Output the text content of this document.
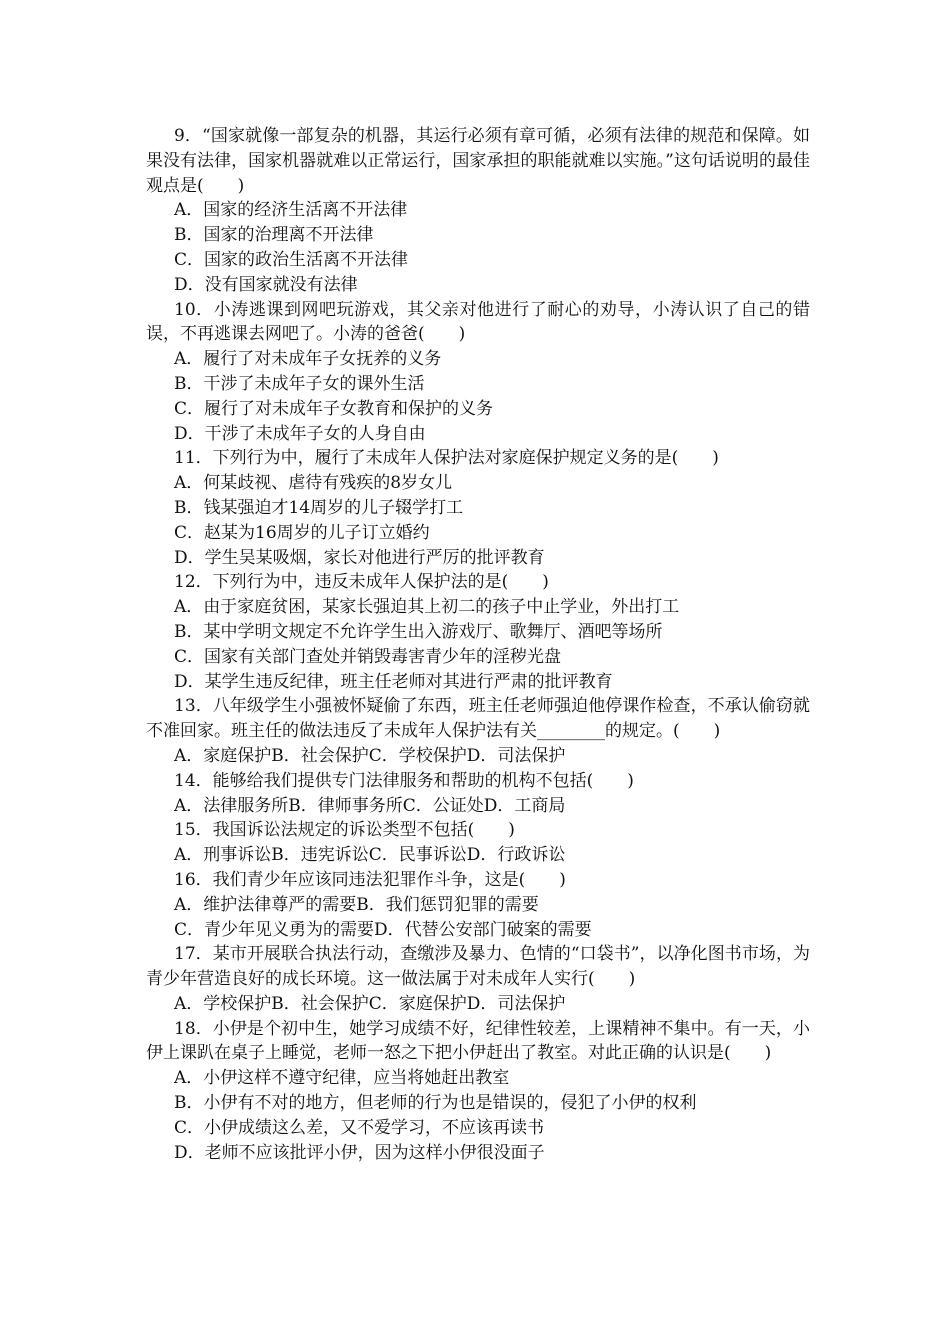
9．“国家就像一部复杂的机器，其运行必须有章可循，必须有法律的规范和保障。如果没有法律，国家机器就难以正常运行，国家承担的职能就难以实施。”这句话说明的最佳观点是(　　)

A．国家的经济生活离不开法律

B．国家的治理离不开法律

C．国家的政治生活离不开法律

D．没有国家就没有法律

10．小涛逃课到网吧玩游戏，其父亲对他进行了耐心的劝导，小涛认识了自己的错误，不再逃课去网吧了。小涛的爸爸(　　)

A．履行了对未成年子女抚养的义务

B．干涉了未成年子女的课外生活

C．履行了对未成年子女教育和保护的义务

D．干涉了未成年子女的人身自由

11．下列行为中，履行了未成年人保护法对家庭保护规定义务的是(　　)

A．何某歧视、虐待有残疾的8岁女儿

B．钱某强迫才14周岁的儿子辍学打工

C．赵某为16周岁的儿子订立婚约

D．学生吴某吸烟，家长对他进行严厉的批评教育

12．下列行为中，违反未成年人保护法的是(　　)

A．由于家庭贫困，某家长强迫其上初二的孩子中止学业，外出打工

B．某中学明文规定不允许学生出入游戏厅、歌舞厅、酒吧等场所

C．国家有关部门查处并销毁毒害青少年的淫秽光盘

D．某学生违反纪律，班主任老师对其进行严肃的批评教育

13．八年级学生小强被怀疑偷了东西，班主任老师强迫他停课作检查，不承认偷窃就不准回家。班主任的做法违反了未成年人保护法有关________的规定。(　　)

A．家庭保护B．社会保护C．学校保护D．司法保护

14．能够给我们提供专门法律服务和帮助的机构不包括(　　)

A．法律服务所B．律师事务所C．公证处D．工商局

15．我国诉讼法规定的诉讼类型不包括(　　)

A．刑事诉讼B．违宪诉讼C．民事诉讼D．行政诉讼

16．我们青少年应该同违法犯罪作斗争，这是(　　)

A．维护法律尊严的需要B．我们惩罚犯罪的需要

C．青少年见义勇为的需要D．代替公安部门破案的需要

17．某市开展联合执法行动，查缴涉及暴力、色情的“口袋书”，以净化图书市场，为青少年营造良好的成长环境。这一做法属于对未成年人实行(　　)

A．学校保护B．社会保护C．家庭保护D．司法保护

18．小伊是个初中生，她学习成绩不好，纪律性较差，上课精神不集中。有一天，小伊上课趴在桌子上睡觉，老师一怒之下把小伊赶出了教室。对此正确的认识是(　　)

A．小伊这样不遵守纪律，应当将她赶出教室

B．小伊有不对的地方，但老师的行为也是错误的，侵犯了小伊的权利

C．小伊成绩这么差，又不爱学习，不应该再读书

D．老师不应该批评小伊，因为这样小伊很没面子
